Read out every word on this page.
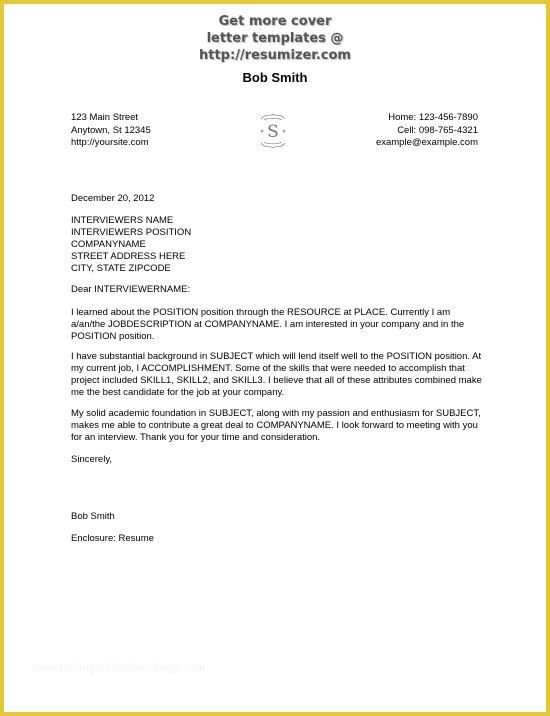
Get more cover
letter templates @
http://resumizer.com
Bob Smith
123 Main Street
Anytown, St 12345
http://yoursite.com
S
Home: 123-456-7890
Cell: 098-765-4321
example@example.com
December 20, 2012
INTERVIEWERS NAME
INTERVIEWERS POSITION
COMPANYNAME
STREET ADDRESS HERE
CITY, STATE ZIPCODE
Dear INTERVIEWERNAME:
I learned about the POSITION position through the RESOURCE at PLACE. Currently I am a/an/the JOBDESCRIPTION at COMPANYNAME. I am interested in your company and in the POSITION position.
I have substantial background in SUBJECT which will lend itself well to the POSITION position. At my current job, I ACCOMPLISHMENT. Some of the skills that were needed to accomplish that project included SKILL1, SKILL2, and SKILL3. I believe that all of these attributes combined make me the best candidate for the job at your company.
My solid academic foundation in SUBJECT, along with my passion and enthusiasm for SUBJECT, makes me able to contribute a great deal to COMPANYNAME. I look forward to meeting with you for an interview. Thank you for your time and consideration.
Sincerely,
Bob Smith
Enclosure: Resume
www.heritagechristiancollege.com
